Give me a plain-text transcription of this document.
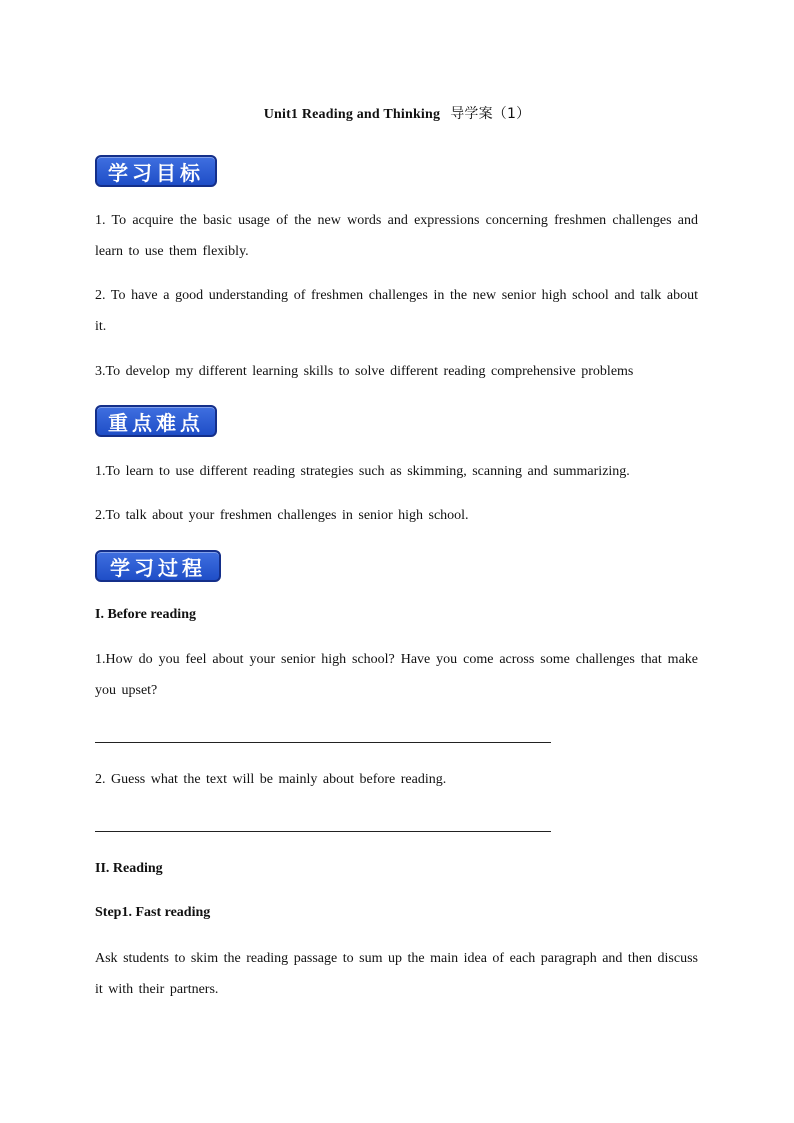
Unit1 Reading and Thinking 导学案（1）
学习目标
1. To acquire the basic usage of the new words and expressions concerning freshmen challenges and learn to use them flexibly.
2. To have a good understanding of freshmen challenges in the new senior high school and talk about it.
3.To develop my different learning skills to solve different reading comprehensive problems
重点难点
1.To learn to use different reading strategies such as skimming, scanning and summarizing.
2.To talk about your freshmen challenges in senior high school.
学习过程
I. Before reading
1.How do you feel about your senior high school? Have you come across some challenges that make you upset?
2. Guess what the text will be mainly about before reading.
II. Reading
Step1. Fast reading
Ask students to skim the reading passage to sum up the main idea of each paragraph and then discuss it with their partners.
